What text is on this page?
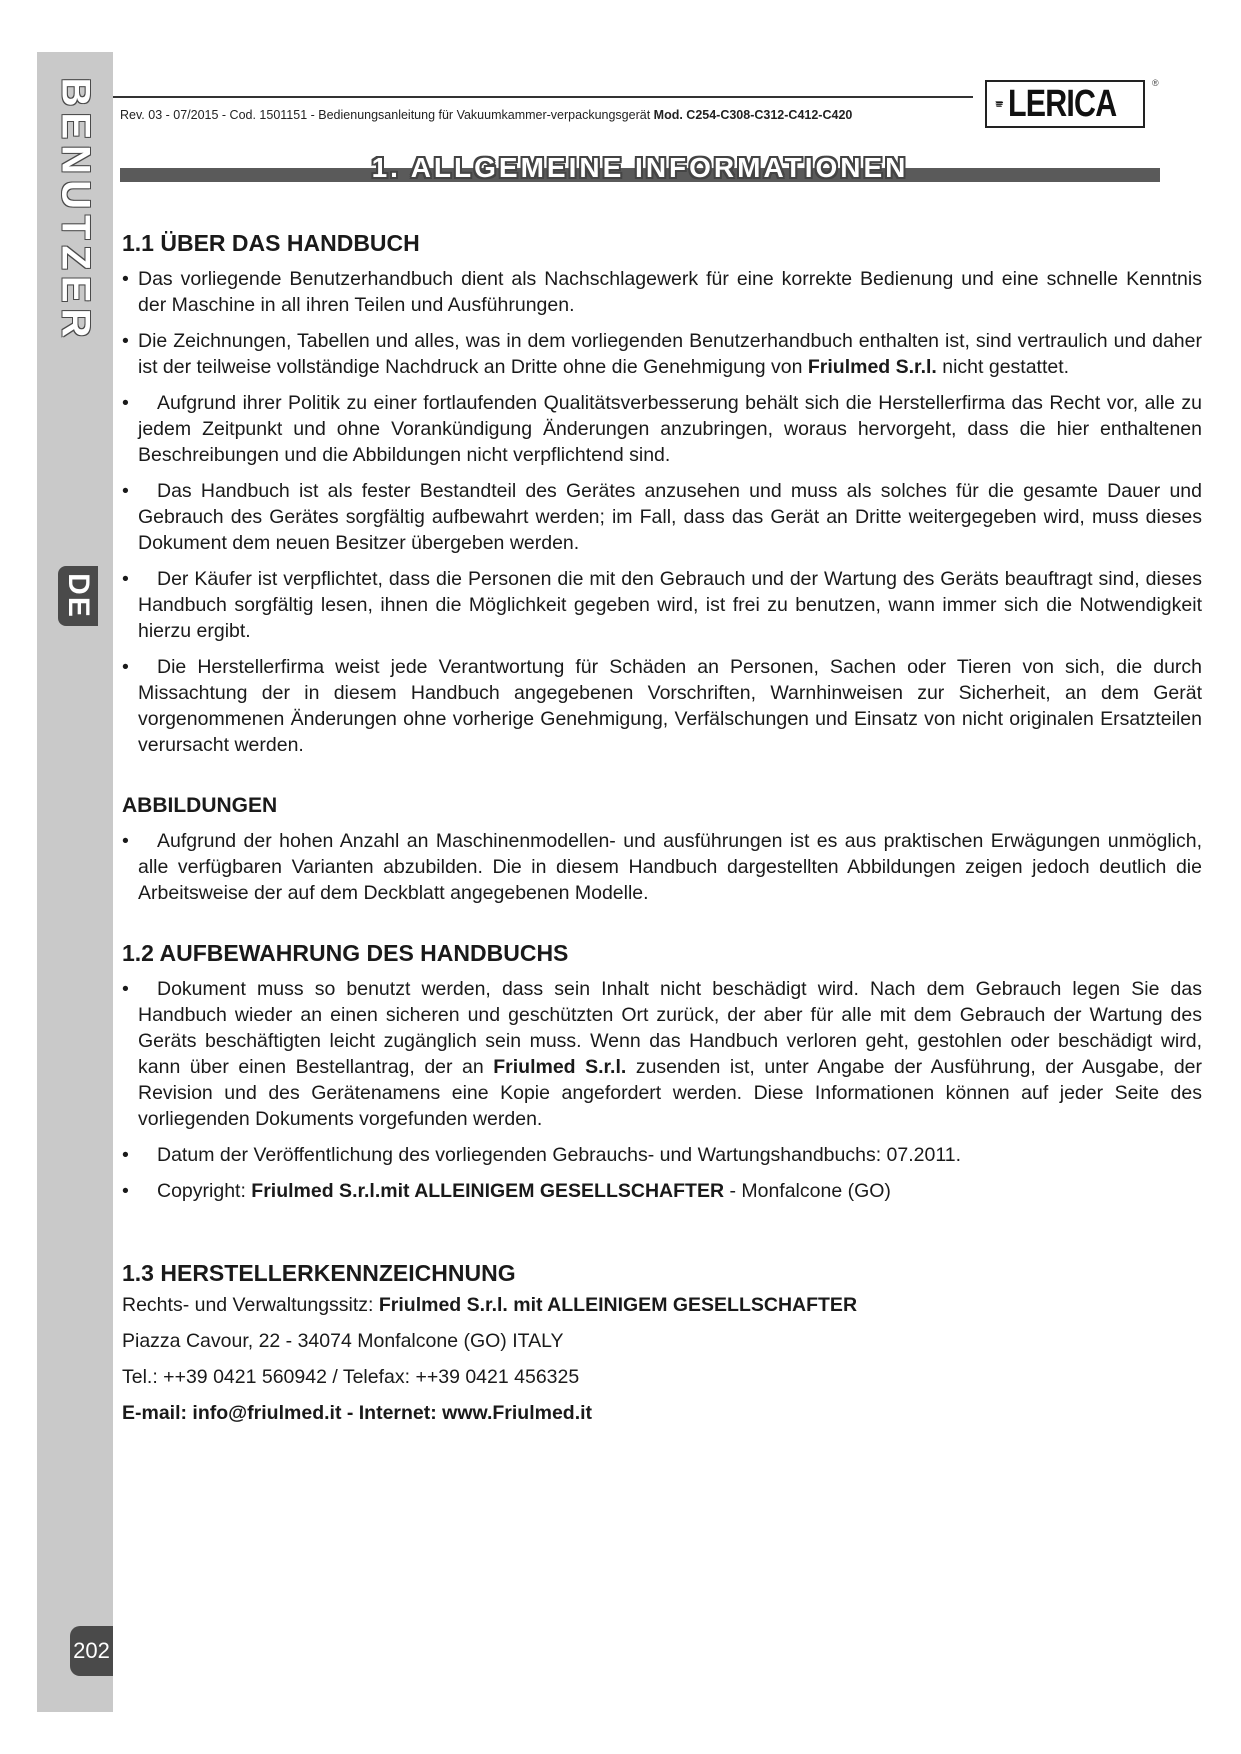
BENUTZER
DE
202
Rev. 03 - 07/2015 - Cod. 1501151 - Bedienungsanleitung für Vakuumkammer-verpackungsgerät Mod. C254-C308-C312-C412-C420	LERICA	®
1. ALLGEMEINE INFORMATIONEN
1.1 ÜBER DAS HANDBUCH
• Das vorliegende Benutzerhandbuch dient als Nachschlagewerk für eine korrekte Bedienung und eine schnelle Kenntnis der Maschine in all ihren Teilen und Ausführungen.
• Die Zeichnungen, Tabellen und alles, was in dem vorliegenden Benutzerhandbuch enthalten ist, sind vertraulich und daher ist der teilweise vollständige Nachdruck an Dritte ohne die Genehmigung von Friulmed S.r.l. nicht gestattet.
• Aufgrund ihrer Politik zu einer fortlaufenden Qualitätsverbesserung behält sich die Herstellerfirma das Recht vor, alle zu jedem Zeitpunkt und ohne Vorankündigung Änderungen anzubringen, woraus hervorgeht, dass die hier enthaltenen Beschreibungen und die Abbildungen nicht verpflichtend sind.
• Das Handbuch ist als fester Bestandteil des Gerätes anzusehen und muss als solches für die gesamte Dauer und Gebrauch des Gerätes sorgfältig aufbewahrt werden; im Fall, dass das Gerät an Dritte weitergegeben wird, muss dieses Dokument dem neuen Besitzer übergeben werden.
• Der Käufer ist verpflichtet, dass die Personen die mit den Gebrauch und der Wartung des Geräts beauftragt sind, dieses Handbuch sorgfältig lesen, ihnen die Möglichkeit gegeben wird, ist frei zu benutzen, wann immer sich die Notwendigkeit hierzu ergibt.
• Die Herstellerfirma weist jede Verantwortung für Schäden an Personen, Sachen oder Tieren von sich, die durch Missachtung der in diesem Handbuch angegebenen Vorschriften, Warnhinweisen zur Sicherheit, an dem Gerät vorgenommenen Änderungen ohne vorherige Genehmigung, Verfälschungen und Einsatz von nicht originalen Ersatzteilen verursacht werden.
ABBILDUNGEN
• Aufgrund der hohen Anzahl an Maschinenmodellen- und ausführungen ist es aus praktischen Erwägungen unmöglich, alle verfügbaren Varianten abzubilden. Die in diesem Handbuch dargestellten Abbildungen zeigen jedoch deutlich die Arbeitsweise der auf dem Deckblatt angegebenen Modelle.
1.2 AUFBEWAHRUNG DES HANDBUCHS
• Dokument muss so benutzt werden, dass sein Inhalt nicht beschädigt wird. Nach dem Gebrauch legen Sie das Handbuch wieder an einen sicheren und geschützten Ort zurück, der aber für alle mit dem Gebrauch der Wartung des Geräts beschäftigten leicht zugänglich sein muss. Wenn das Handbuch verloren geht, gestohlen oder beschädigt wird, kann über einen Bestellantrag, der an Friulmed S.r.l. zusenden ist, unter Angabe der Ausführung, der Ausgabe, der Revision und des Gerätenamens eine Kopie angefordert werden. Diese Informationen können auf jeder Seite des vorliegenden Dokuments vorgefunden werden.
• Datum der Veröffentlichung des vorliegenden Gebrauchs- und Wartungshandbuchs: 07.2011.
• Copyright: Friulmed S.r.l.mit ALLEINIGEM GESELLSCHAFTER - Monfalcone (GO)
1.3 HERSTELLERKENNZEICHNUNG

Rechts- und Verwaltungssitz: Friulmed S.r.l. mit ALLEINIGEM GESELLSCHAFTER

Piazza Cavour, 22 - 34074 Monfalcone (GO) ITALY

Tel.: ++39 0421 560942 / Telefax: ++39 0421 456325

E-mail: info@friulmed.it - Internet: www.Friulmed.it
